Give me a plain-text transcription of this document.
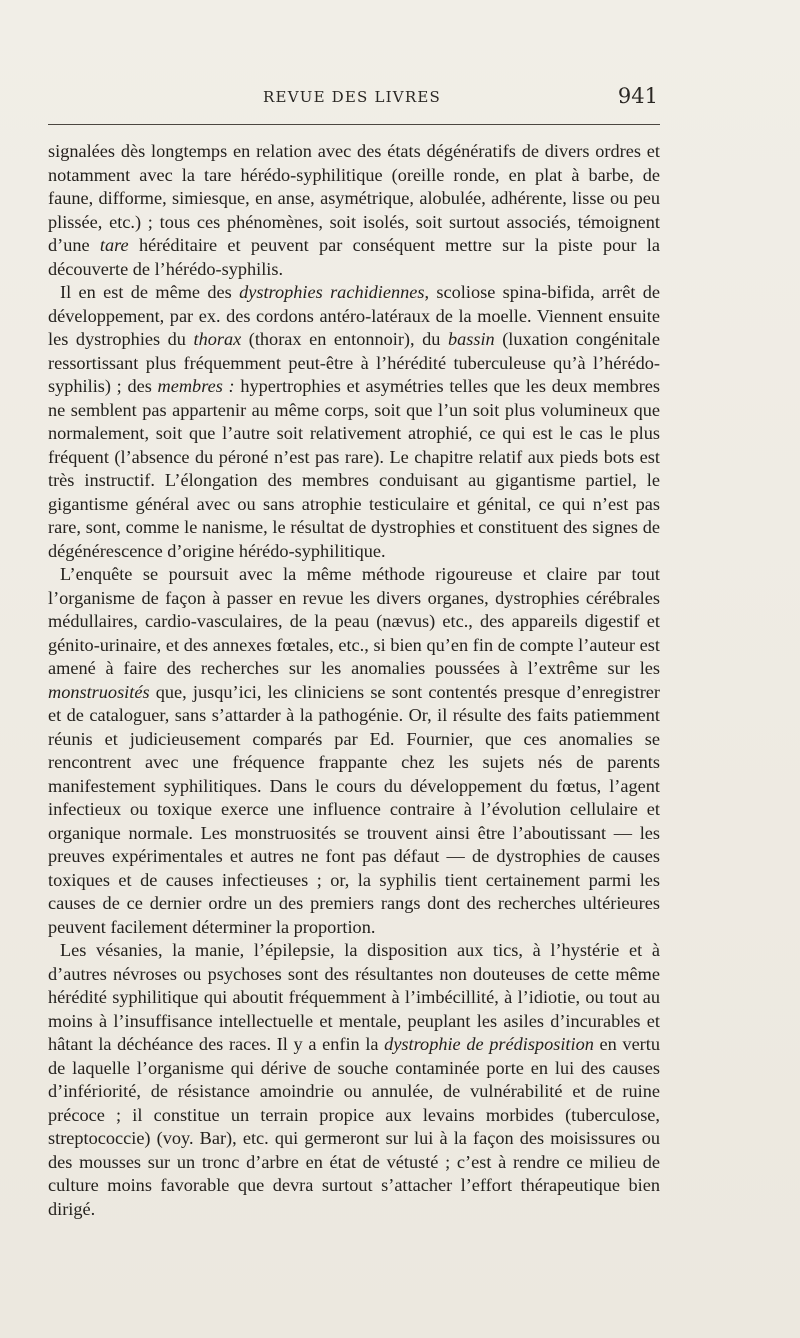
REVUE DES LIVRES	941

signalées dès longtemps en relation avec des états dégénératifs de divers ordres et notamment avec la tare hérédo-syphilitique (oreille ronde, en plat à barbe, de faune, difforme, simiesque, en anse, asymétrique, alobulée, adhérente, lisse ou peu plissée, etc.) ; tous ces phénomènes, soit isolés, soit surtout associés, témoignent d’une tare héréditaire et peuvent par conséquent mettre sur la piste pour la découverte de l’hérédo-syphilis.

Il en est de même des dystrophies rachidiennes, scoliose spina-bifida, arrêt de développement, par ex. des cordons antéro-latéraux de la moelle. Viennent ensuite les dystrophies du thorax (thorax en entonnoir), du bassin (luxation congénitale ressortissant plus fréquemment peut-être à l’hérédité tuberculeuse qu’à l’hérédo-syphilis) ; des membres : hypertrophies et asymétries telles que les deux membres ne semblent pas appartenir au même corps, soit que l’un soit plus volumineux que normalement, soit que l’autre soit relativement atrophié, ce qui est le cas le plus fréquent (l’absence du péroné n’est pas rare). Le chapitre relatif aux pieds bots est très instructif. L’élongation des membres conduisant au gigantisme partiel, le gigantisme général avec ou sans atrophie testiculaire et génital, ce qui n’est pas rare, sont, comme le nanisme, le résultat de dystrophies et constituent des signes de dégénérescence d’origine hérédo-syphilitique.

L’enquête se poursuit avec la même méthode rigoureuse et claire par tout l’organisme de façon à passer en revue les divers organes, dystrophies cérébrales médullaires, cardio-vasculaires, de la peau (nævus) etc., des appareils digestif et génito-urinaire, et des annexes fœtales, etc., si bien qu’en fin de compte l’auteur est amené à faire des recherches sur les anomalies poussées à l’extrême sur les monstruosités que, jusqu’ici, les cliniciens se sont contentés presque d’enregistrer et de cataloguer, sans s’attarder à la pathogénie. Or, il résulte des faits patiemment réunis et judicieusement comparés par Ed. Fournier, que ces anomalies se rencontrent avec une fréquence frappante chez les sujets nés de parents manifestement syphilitiques. Dans le cours du développement du fœtus, l’agent infectieux ou toxique exerce une influence contraire à l’évolution cellulaire et organique normale. Les monstruosités se trouvent ainsi être l’aboutissant — les preuves expérimentales et autres ne font pas défaut — de dystrophies de causes toxiques et de causes infectieuses ; or, la syphilis tient certainement parmi les causes de ce dernier ordre un des premiers rangs dont des recherches ultérieures peuvent facilement déterminer la proportion.

Les vésanies, la manie, l’épilepsie, la disposition aux tics, à l’hystérie et à d’autres névroses ou psychoses sont des résultantes non douteuses de cette même hérédité syphilitique qui aboutit fréquemment à l’imbécillité, à l’idiotie, ou tout au moins à l’insuffisance intellectuelle et mentale, peuplant les asiles d’incurables et hâtant la déchéance des races. Il y a enfin la dystrophie de prédisposition en vertu de laquelle l’organisme qui dérive de souche contaminée porte en lui des causes d’infériorité, de résistance amoindrie ou annulée, de vulnérabilité et de ruine précoce ; il constitue un terrain propice aux levains morbides (tuberculose, streptococcie) (voy. Bar), etc. qui germeront sur lui à la façon des moisissures ou des mousses sur un tronc d’arbre en état de vétusté ; c’est à rendre ce milieu de culture moins favorable que devra surtout s’attacher l’effort thérapeutique bien dirigé.
